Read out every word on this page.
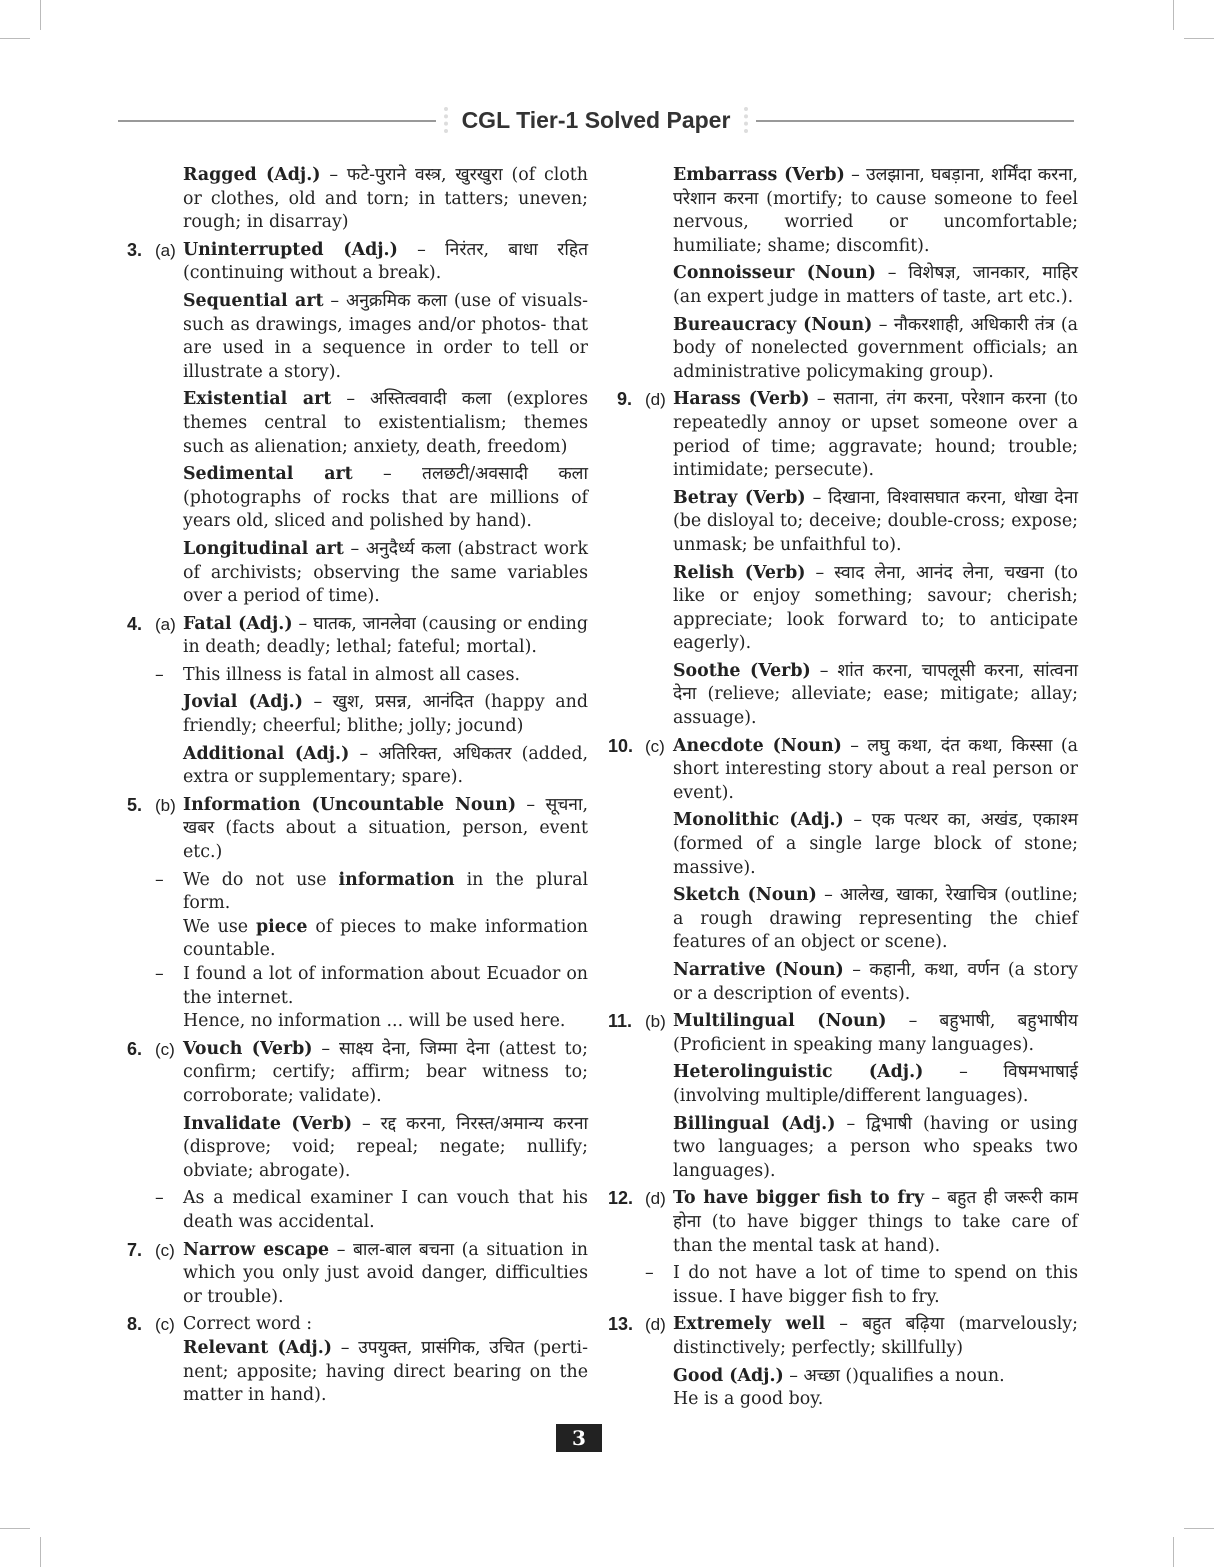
CGL Tier-1 Solved Paper

Ragged (Adj.) – फटे-पुराने वस्त्र, खुरखुरा (of cloth or clothes, old and torn; in tatters; uneven; rough; in disarray)

3. (a) Uninterrupted (Adj.) – निरंतर, बाधा रहित (continuing without a break).

Sequential art – अनुक्रमिक कला (use of visuals- such as drawings, images and/or photos- that are used in a sequence in order to tell or illustrate a story).

Existential art – अस्तित्ववादी कला (explores themes central to existentialism; themes such as alienation; anxiety, death, freedom)

Sedimental art – तलछटी/अवसादी कला (photographs of rocks that are millions of years old, sliced and polished by hand).

Longitudinal art – अनुदैर्ध्य कला (abstract work of archivists; observing the same variables over a period of time).

4. (a) Fatal (Adj.) – घातक, जानलेवा (causing or ending in death; deadly; lethal; fateful; mortal).

– This illness is fatal in almost all cases.

Jovial (Adj.) – खुश, प्रसन्न, आनंदित (happy and friendly; cheerful; blithe; jolly; jocund)

Additional (Adj.) – अतिरिक्त, अधिकतर (added, extra or supplementary; spare).

5. (b) Information (Uncountable Noun) – सूचना, खबर (facts about a situation, person, event etc.)

– We do not use information in the plural form.

We use piece of pieces to make information countable.

– I found a lot of information about Ecuador on the internet.

Hence, no information ... will be used here.

6. (c) Vouch (Verb) – साक्ष्य देना, जिम्मा देना (attest to; confirm; certify; affirm; bear witness to; corroborate; validate).

Invalidate (Verb) – रद्द करना, निरस्त/अमान्य करना (disprove; void; repeal; negate; nullify; obviate; abrogate).

– As a medical examiner I can vouch that his death was accidental.

7. (c) Narrow escape – बाल-बाल बचना (a situation in which you only just avoid danger, difficulties or trouble).

8. (c) Correct word :

Relevant (Adj.) – उपयुक्त, प्रासंगिक, उचित (perti-nent; apposite; having direct bearing on the matter in hand).

Embarrass (Verb) – उलझाना, घबड़ाना, शर्मिंदा करना, परेशान करना (mortify; to cause someone to feel nervous, worried or uncomfortable; humiliate; shame; discomfit).

Connoisseur (Noun) – विशेषज्ञ, जानकार, माहिर (an expert judge in matters of taste, art etc.).

Bureaucracy (Noun) – नौकरशाही, अधिकारी तंत्र (a body of nonelected government officials; an administrative policymaking group).

9. (d) Harass (Verb) – सताना, तंग करना, परेशान करना (to repeatedly annoy or upset someone over a period of time; aggravate; hound; trouble; intimidate; persecute).

Betray (Verb) – दिखाना, विश्वासघात करना, धोखा देना (be disloyal to; deceive; double-cross; expose; unmask; be unfaithful to).

Relish (Verb) – स्वाद लेना, आनंद लेना, चखना (to like or enjoy something; savour; cherish; appreciate; look forward to; to anticipate eagerly).

Soothe (Verb) – शांत करना, चापलूसी करना, सांत्वना देना (relieve; alleviate; ease; mitigate; allay; assuage).

10. (c) Anecdote (Noun) – लघु कथा, दंत कथा, किस्सा (a short interesting story about a real person or event).

Monolithic (Adj.) – एक पत्थर का, अखंड, एकाश्म (formed of a single large block of stone; massive).

Sketch (Noun) – आलेख, खाका, रेखाचित्र (outline; a rough drawing representing the chief features of an object or scene).

Narrative (Noun) – कहानी, कथा, वर्णन (a story or a description of events).

11. (b) Multilingual (Noun) – बहुभाषी, बहुभाषीय (Proficient in speaking many languages).

Heterolinguistic (Adj.) – विषमभाषाई (involving multiple/different languages).

Billingual (Adj.) – द्विभाषी (having or using two languages; a person who speaks two languages).

12. (d) To have bigger fish to fry – बहुत ही जरूरी काम होना (to have bigger things to take care of than the mental task at hand).

– I do not have a lot of time to spend on this issue. I have bigger fish to fry.

13. (d) Extremely well – बहुत बढ़िया (marvelously; distinctively; perfectly; skillfully)

Good (Adj.) – अच्छा ()qualifies a noun.

He is a good boy.

3
